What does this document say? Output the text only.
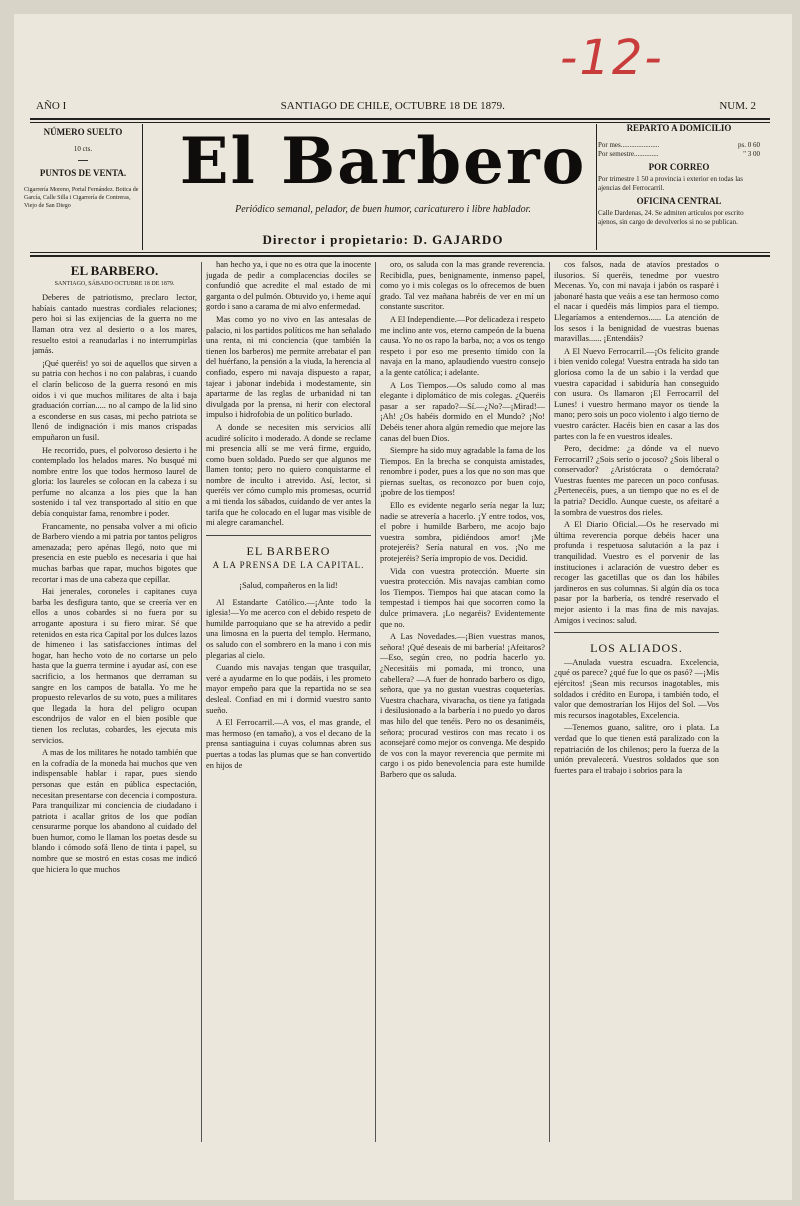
-12-
AÑO I	SANTIAGO DE CHILE, OCTUBRE 18 DE 1879.	NUM. 2
NÚMERO SUELTO
10 cts.
PUNTOS DE VENTA.
Cigarrería Moreno, Portal Fernández. Botica de García, Calle Silla i Cigarrería de Contreras, Viejo de San Diego
El Barbero
Periódico semanal, pelador, de buen humor, caricaturero i libre hablador.
Director i propietario: D. GAJARDO
REPARTO A DOMICILIO
Por mes......................	ps. 0 60
Por semestre..............	" 3 00
POR CORREO
Por trimestre 1 50 a provincia i exterior en todas las ajencias del Ferrocarril.
OFICINA CENTRAL
Calle Dardenas, 24. Se admiten artículos por escrito ajenos, sin cargo de devolverlos si no se publican.
EL BARBERO.
SANTIAGO, SÁBADO OCTUBRE 18 DE 1879.

Deberes de patriotismo, preclaro lector, habíais cantado nuestras cordiales relaciones; pero hoi si las exijencias de la guerra no me llaman otra vez al desierto o a los mares, resuelto estoi a reanudarlas i no interrumpirlas jamás.

¡Qué queréis! yo soi de aquellos que sirven a su patria con hechos i no con palabras, i cuando el clarín belicoso de la guerra resonó en mis oidos i vi que muchos militares de alta i baja graduación corrían..... no al campo de la lid sino a esconderse en sus casas, mi pecho patriota se llenó de indignación i mis manos crispadas empuñaron un fusil.

He recorrido, pues, el polvoroso desierto i he contemplado los helados mares. No busqué mi nombre entre los que todos hermoso laurel de gloria: los laureles se colocan en la cabeza i su perfume no alcanza a los pies que la han sostenido i tal vez transportado al sitio en que debía conquistar fama, renombre i poder.

Francamente, no pensaba volver a mi oficio de Barbero viendo a mi patria por tantos peligros amenazada; pero apénas llegó, noto que mi presencia en este pueblo es necesaria i que hai muchas barbas que rapar, muchos bigotes que recortar i mas de una cabeza que cepillar.

Hai jenerales, coroneles i capitanes cuya barba les desfigura tanto, que se creería ver en ellos a unos cobardes si no fuera por su arrogante apostura i su fiero mirar. Sé que retenidos en esta rica Capital por los dulces lazos de himeneo i las satisfacciones íntimas del hogar, han hecho voto de no cortarse un pelo hasta que la guerra termine i ayudar así, con ese sacrificio, a los hermanos que derraman su sangre en los campos de batalla. Yo me he propuesto relevarlos de su voto, pues a militares que llegada la hora del peligro ocupan escondrijos de valor en el bien posible que tienen los reclutas, cobardes, les ejecuta mis servicios.

A mas de los militares he notado también que en la cofradía de la moneda hai muchos que ven indispensable hablar i rapar, pues siendo personas que están en pública espectación, necesitan presentarse con decencia i compostura. Para tranquilizar mi conciencia de ciudadano i patriota i acallar gritos de los que podían censurarme porque los abandono al cuidado del buen humor, como le llaman los poetas desde su blando i cómodo sofá lleno de tinta i papel, su nombre que se mostró en estas cosas me indicó que hiciera lo que muchos

han hecho ya, i que no es otra que la inocente jugada de pedir a complacencias dociles se confundió que acredite el mal estado de mi garganta o del pulmón. Obtuvido yo, i heme aquí gordo i sano a carama de mi alvo enfermedad.

Mas como yo no vivo en las antesalas de palacio, ni los partidos políticos me han señalado una renta, ni mi conciencia (que también la tienen los barberos) me permite arrebatar el pan del huérfano, la pensión a la viuda, la herencia al confiado, espero mi navaja dispuesto a rapar, tajear i jabonar indebida i modestamente, sin apartarme de las reglas de urbanidad ni tan divulgada por la prensa, ni herir con electoral impulso i hidrofobia de un político burlado.

A donde se necesiten mis servicios allí acudiré solícito i moderado. A donde se reclame mi presencia allí se me verá firme, erguido, como buen soldado. Puedo ser que algunos me llamen tonto; pero no quiero conquistarme el nombre de inculto i atrevido. Así, lector, si queréis ver cómo cumplo mis promesas, ocurrid a mi tienda los sábados, cuidando de ver antes la tarifa que he colocado en el lugar mas visible de mi alegre caramanchel.

EL BARBERO
A LA PRENSA DE LA CAPITAL.

¡Salud, compañeros en la lid!

Al Estandarte Católico.—¡Ante todo la iglesia!—Yo me acerco con el debido respeto de humilde parroquiano que se ha atrevido a pedir una limosna en la puerta del templo. Hermano, os saludo con el sombrero en la mano i con mis plegarias al cielo.

Cuando mis navajas tengan que trasquilar, veré a ayudarme en lo que podáis, i les prometo mayor empeño para que la repartida no se sea desleal. Confiad en mi i dormid vuestro santo sueño.

A El Ferrocarril.—A vos, el mas grande, el mas hermoso (en tamaño), a vos el decano de la prensa santiaguina i cuyas columnas abren sus puertas a todas las plumas que se han convertido en hijos de

oro, os saluda con la mas grande reverencia. Recibidla, pues, benignamente, inmenso papel, como yo i mis colegas os lo ofrecemos de buen grado. Tal vez mañana habréis de ver en mí un constante suscritor.

A El Independiente.—Por delicadeza i respeto me inclino ante vos, eterno campeón de la buena causa. Yo no os rapo la barba, no; a vos os tengo respeto i por eso me presento tímido con la navaja en la mano, aplaudiendo vuestro consejo a la gente católica; i adelante.

A Los Tiempos.—Os saludo como al mas elegante i diplomático de mis colegas. ¿Queréis pasar a ser rapado?—Sí.—¿No?—¡Mirad!—¡Ah! ¿Os habéis dormido en el Mundo? ¡No! Debéis tener ahora algún remedio que mejore las canas del buen Dios.

Siempre ha sido muy agradable la fama de los Tiempos. En la brecha se conquista amistades, renombre i poder, pues a los que no son mas que piernas sueltas, os reconozco por buen cojo, ¡pobre de los tiempos!

Ello es evidente negarlo sería negar la luz; nadie se atrevería a hacerlo. ¡Y entre todos, vos, el pobre i humilde Barbero, me acojo bajo vuestra sombra, pidiéndoos amor! ¡Me protejeréis? Sería natural en vos. ¡No me protejeréis? Sería impropio de vos. Decidid.

Vida con vuestra protección. Muerte sin vuestra protección. Mis navajas cambian como los Tiempos. Tiempos hai que atacan como la tempestad i tiempos hai que socorren como la dulce primavera. ¡Lo negaréis? Evidentemente que no.

A Las Novedades.—¡Bien vuestras manos, señora! ¡Qué deseais de mi barbería! ¡Afeitaros?—Eso, según creo, no podría hacerlo yo. ¿Necesitáis mi pomada, mi tronco, una cabellera? —A fuer de honrado barbero os digo, señora, que ya no gustan vuestras coqueterías. Vuestra chachara, vivaracha, os tiene ya fatigada i desilusionado a la barbería i no puedo yo daros mas hilo del que tenéis. Pero no os desaniméis, señora; procurad vestiros con mas recato i os aconsejaré como mejor os convenga. Me despido de vos con la mayor reverencia que permite mi cargo i os pido benevolencia para este humilde Barbero que os saluda.

cos falsos, nada de atavíos prestados o ilusorios. Sí queréis, tenedme por vuestro Mecenas. Yo, con mi navaja i jabón os rasparé i jabonaré hasta que veáis a ese tan hermoso como el nacar i quedéis más limpios para el tiempo. Llegaríamos a entendernos...... La atención de los sesos i la benignidad de vuestras buenas maravillas...... ¡Entendáis?

A El Nuevo Ferrocarril.—¡Os felicito grande i bien venido colega! Vuestra entrada ha sido tan gloriosa como la de un sabio i la verdad que vuestra capacidad i sabiduría han conseguido con usura. Os llamaron ¡El Ferrocarril del Lunes! i vuestro hermano mayor os tiende la mano; pero sois un poco violento i algo tierno de vuestro carácter. Hacéis bien en casar a las dos partes con la fe en vuestros ideales.

Pero, decidme: ¿a dónde va el nuevo Ferrocarril? ¿Sois serio o jocoso? ¿Sois liberal o conservador? ¿Aristócrata o demócrata? Vuestras fuentes me parecen un poco confusas. ¿Pertenecéis, pues, a un tiempo que no es el de la patria? Decidlo. Aunque cueste, os afeitaré a la sombra de vuestros dos rieles.

A El Diario Oficial.—Os he reservado mi última reverencia porque debéis hacer una profunda i respetuosa salutación a la paz i tranquilidad. Vuestro es el porvenir de las instituciones i aclaración de vuestro deber es recoger las gacetillas que os dan los hábiles jardineros en sus columnas. Si algún día os toca pasar por la barbería, os tendré reservado el mejor asiento i la mas fina de mis navajas. Amigos i vecinos: salud.

LOS ALIADOS.

—Anulada vuestra escuadra. Excelencia, ¿qué os parece? ¿qué fue lo que os pasó? —¡Mis ejércitos! ¡Sean mis recursos inagotables, mis soldados i crédito en Europa, i también todo, el valor que demostrarían los Hijos del Sol. —Vos mis recursos inagotables, Excelencia.

—Tenemos guano, salitre, oro i plata. La verdad que lo que tienen está paralizado con la repatriación de los chilenos; pero la fuerza de la unión prevalecerá. Vuestros soldados que son fuertes para el trabajo i sobrios para la
